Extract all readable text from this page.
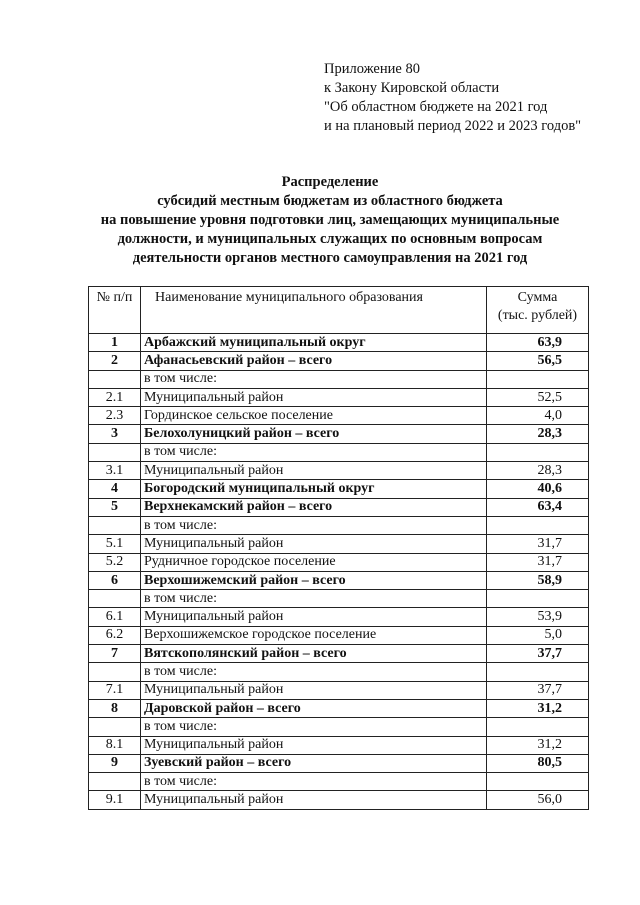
Приложение 80
к Закону Кировской области
"Об областном бюджете на 2021 год
и на плановый период 2022 и 2023 годов"
Распределение
субсидий местным бюджетам из областного бюджета
на повышение уровня подготовки лиц, замещающих муниципальные
должности, и муниципальных служащих по основным вопросам
деятельности органов местного самоуправления на 2021 год
№ п/п	Наименование муниципального образования	Сумма
(тыс. рублей)
1	Арбажский муниципальный округ	63,9
2	Афанасьевский район – всего	56,5
	в том числе:	
2.1	Муниципальный район	52,5
2.3	Гординское сельское поселение	4,0
3	Белохолуницкий район – всего	28,3
	в том числе:	
3.1	Муниципальный район	28,3
4	Богородский муниципальный округ	40,6
5	Верхнекамский район – всего	63,4
	в том числе:	
5.1	Муниципальный район	31,7
5.2	Рудничное городское поселение	31,7
6	Верхошижемский район – всего	58,9
	в том числе:	
6.1	Муниципальный район	53,9
6.2	Верхошижемское городское поселение	5,0
7	Вятскополянский район – всего	37,7
	в том числе:	
7.1	Муниципальный район	37,7
8	Даровской район – всего	31,2
	в том числе:	
8.1	Муниципальный район	31,2
9	Зуевский район – всего	80,5
	в том числе:	
9.1	Муниципальный район	56,0
